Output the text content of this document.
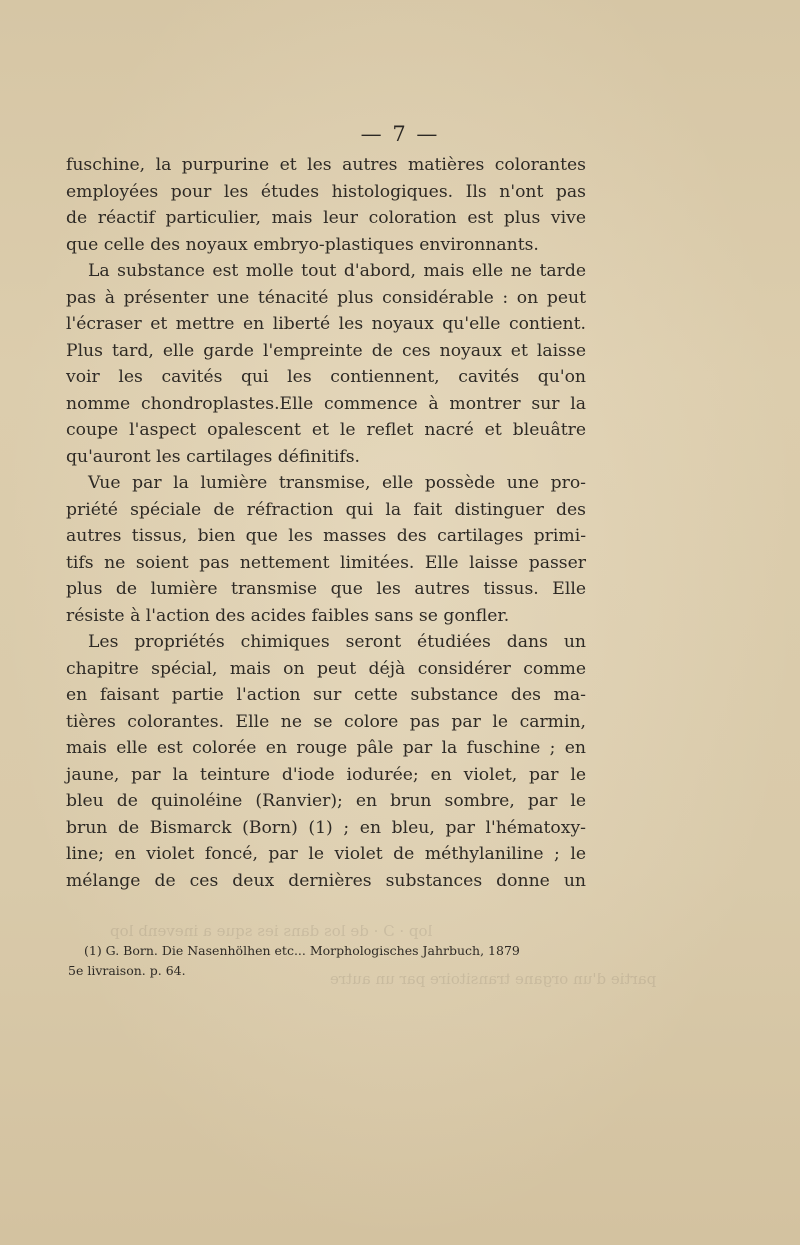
lop · Ɔ · de los dans ies sque a inevenb lop
partie d'un organe transitoire par un autre
— 7 —
fuschine, la purpurine et les autres matières colorantes
employées pour les études histologiques. Ils n'ont pas
de réactif particulier, mais leur coloration est plus vive
que celle des noyaux embryo-plastiques environnants.
La substance est molle tout d'abord, mais elle ne tarde
pas à présenter une ténacité plus considérable : on peut
l'écraser et mettre en liberté les noyaux qu'elle contient.
Plus tard, elle garde l'empreinte de ces noyaux et laisse
voir les cavités qui les contiennent, cavités qu'on
nomme chondroplastes.Elle commence à montrer sur la
coupe l'aspect opalescent et le reflet nacré et bleuâtre
qu'auront les cartilages définitifs.
Vue par la lumière transmise, elle possède une pro-
priété spéciale de réfraction qui la fait distinguer des
autres tissus, bien que les masses des cartilages primi-
tifs ne soient pas nettement limitées. Elle laisse passer
plus de lumière transmise que les autres tissus. Elle
résiste à l'action des acides faibles sans se gonfler.
Les propriétés chimiques seront étudiées dans un
chapitre spécial, mais on peut déjà considérer comme
en faisant partie l'action sur cette substance des ma-
tières colorantes. Elle ne se colore pas par le carmin,
mais elle est colorée en rouge pâle par la fuschine ; en
jaune, par la teinture d'iode iodurée; en violet, par le
bleu de quinoléine (Ranvier); en brun sombre, par le
brun de Bismarck (Born) (1) ; en bleu, par l'hématoxy-
line; en violet foncé, par le violet de méthylaniline ; le
mélange de ces deux dernières substances donne un
(1) G. Born. Die Nasenhölhen etc... Morphologisches Jahrbuch, 1879
5e livraison. p. 64.
